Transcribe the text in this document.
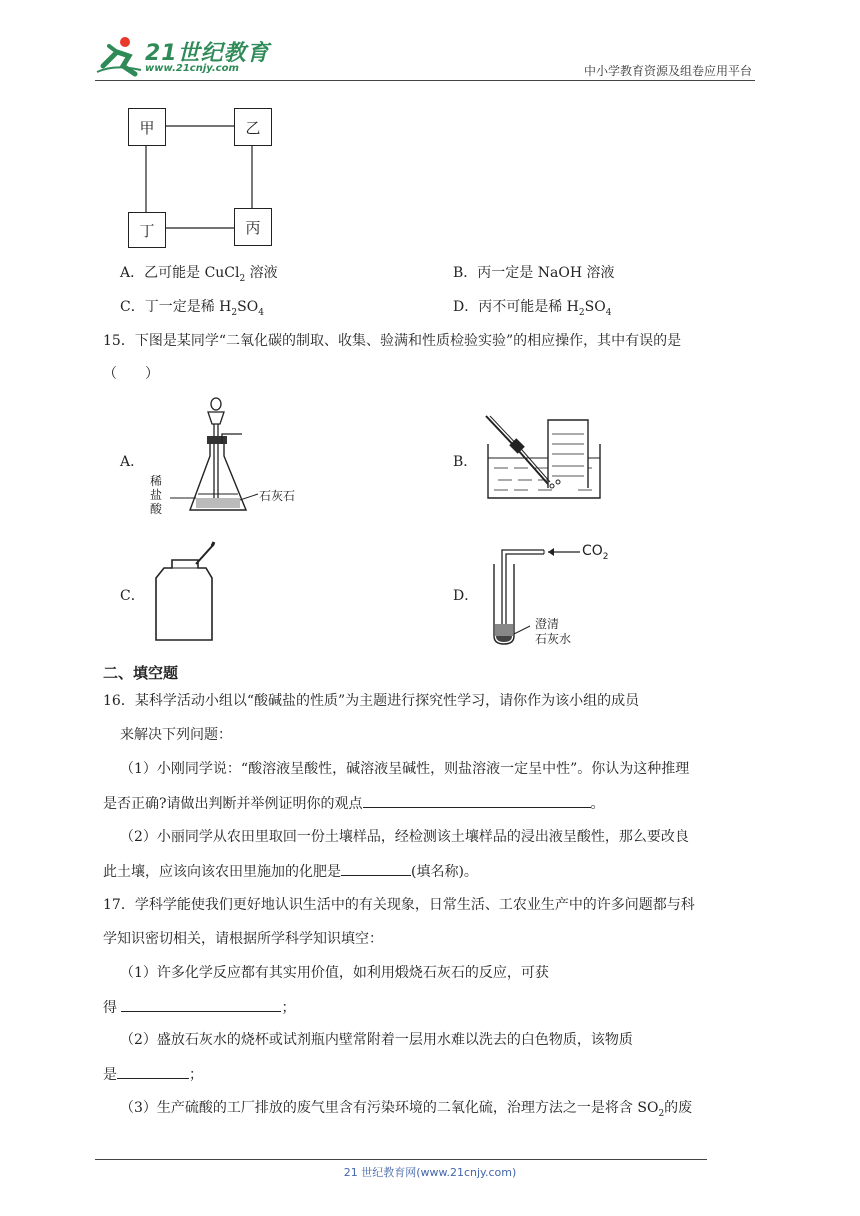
21世纪教育
www.21cnjy.com	中小学教育资源及组卷应用平台
甲	乙
丁	丙
A．乙可能是 CuCl$_2$ 溶液	B．丙一定是 NaOH 溶液
C．丁一定是稀 $H_2SO_4$	D．丙不可能是稀 $H_2SO_4$
15．下图是某同学“二氧化碳的制取、收集、验满和性质检验实验”的相应操作，其中有误的是
（　　）
A．	B．
C．	D．
稀
盐
酸
石灰石
$CO_2$
澄清
石灰水
二、填空题
16．某科学活动小组以“酸碱盐的性质”为主题进行探究性学习，请你作为该小组的成员
来解决下列问题：
（1）小刚同学说：“酸溶液呈酸性，碱溶液呈碱性，则盐溶液一定呈中性”。你认为这种推理
是否正确?请做出判断并举例证明你的观点	。
（2）小丽同学从农田里取回一份土壤样品，经检测该土壤样品的浸出液呈酸性，那么要改良
此土壤，应该向该农田里施加的化肥是	(填名称)。
17．学科学能使我们更好地认识生活中的有关现象，日常生活、工农业生产中的许多问题都与科
学知识密切相关，请根据所学科学知识填空：
（1）许多化学反应都有其实用价值，如利用煅烧石灰石的反应，可获
得	；
（2）盛放石灰水的烧杯或试剂瓶内壁常附着一层用水难以洗去的白色物质，该物质
是	；
（3）生产硫酸的工厂排放的废气里含有污染环境的二氧化硫，治理方法之一是将含 $SO_2$的废
21 世纪教育网(www.21cnjy.com)
